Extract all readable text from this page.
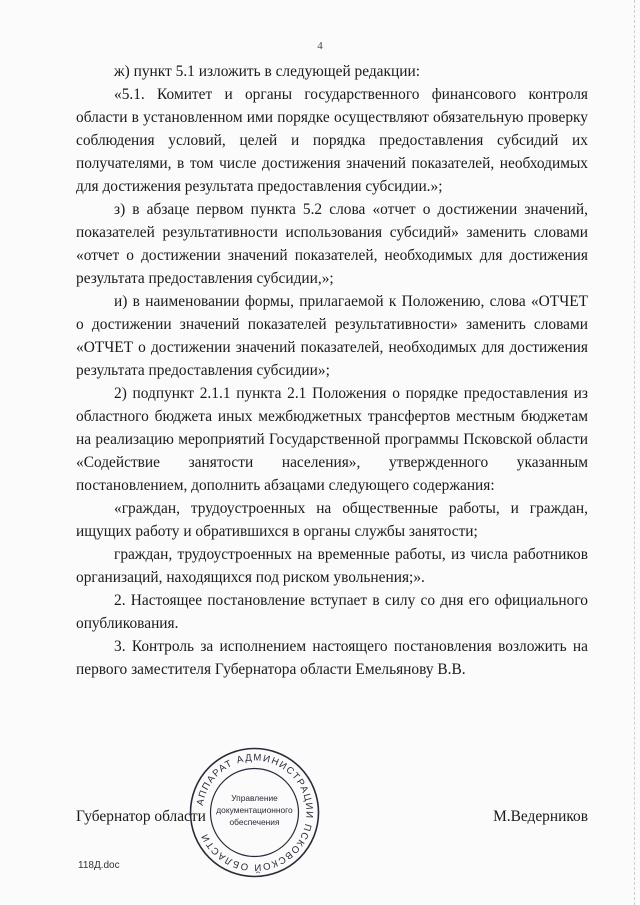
4

ж) пункт 5.1 изложить в следующей редакции:

«5.1. Комитет и органы государственного финансового контроля области в установленном ими порядке осуществляют обязательную проверку соблюдения условий, целей и порядка предоставления субсидий их получателями, в том числе достижения значений показателей, необходимых для достижения результата предоставления субсидии.»;

з) в абзаце первом пункта 5.2 слова «отчет о достижении значений, показателей результативности использования субсидий» заменить словами «отчет о достижении значений показателей, необходимых для достижения результата предоставления субсидии,»;

и) в наименовании формы, прилагаемой к Положению, слова «ОТЧЕТ о достижении значений показателей результативности» заменить словами «ОТЧЕТ о достижении значений показателей, необходимых для достижения результата предоставления субсидии»;

2) подпункт 2.1.1 пункта 2.1 Положения о порядке предоставления из областного бюджета иных межбюджетных трансфертов местным бюджетам на реализацию мероприятий Государственной программы Псковской области «Содействие занятости населения», утвержденного указанным постановлением, дополнить абзацами следующего содержания:

«граждан, трудоустроенных на общественные работы, и граждан, ищущих работу и обратившихся в органы службы занятости;

граждан, трудоустроенных на временные работы, из числа работников организаций, находящихся под риском увольнения;».

2. Настоящее постановление вступает в силу со дня его официального опубликования.

3. Контроль за исполнением настоящего постановления возложить на первого заместителя Губернатора области Емельянову В.В.

Губернатор области	М.Ведерников
АППАРАТ АДМИНИСТРАЦИИ ПСКОВСКОЙ ОБЛАСТИ
Управление
документационного
обеспечения
118Д.doc
